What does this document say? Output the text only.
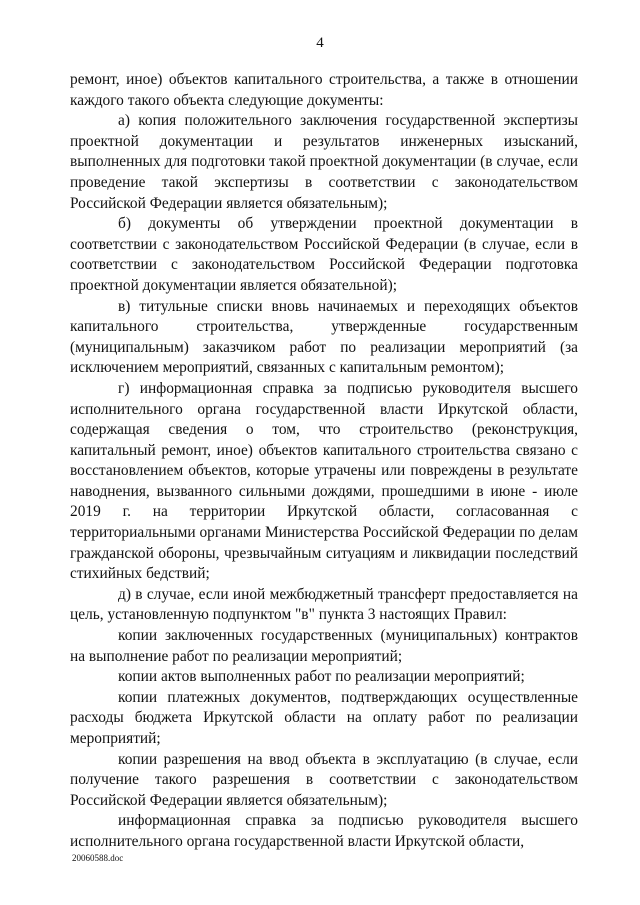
4

ремонт, иное) объектов капитального строительства, а также в отношении каждого такого объекта следующие документы:

а) копия положительного заключения государственной экспертизы проектной документации и результатов инженерных изысканий, выполненных для подготовки такой проектной документации (в случае, если проведение такой экспертизы в соответствии с законодательством Российской Федерации является обязательным);

б) документы об утверждении проектной документации в соответствии с законодательством Российской Федерации (в случае, если в соответствии с законодательством Российской Федерации подготовка проектной документации является обязательной);

в) титульные списки вновь начинаемых и переходящих объектов капитального строительства, утвержденные государственным (муниципальным) заказчиком работ по реализации мероприятий (за исключением мероприятий, связанных с капитальным ремонтом);

г) информационная справка за подписью руководителя высшего исполнительного органа государственной власти Иркутской области, содержащая сведения о том, что строительство (реконструкция, капитальный ремонт, иное) объектов капитального строительства связано с восстановлением объектов, которые утрачены или повреждены в результате наводнения, вызванного сильными дождями, прошедшими в июне - июле 2019 г. на территории Иркутской области, согласованная с территориальными органами Министерства Российской Федерации по делам гражданской обороны, чрезвычайным ситуациям и ликвидации последствий стихийных бедствий;

д) в случае, если иной межбюджетный трансферт предоставляется на цель, установленную подпунктом "в" пункта 3 настоящих Правил:

копии заключенных государственных (муниципальных) контрактов на выполнение работ по реализации мероприятий;

копии актов выполненных работ по реализации мероприятий;

копии платежных документов, подтверждающих осуществленные расходы бюджета Иркутской области на оплату работ по реализации мероприятий;

копии разрешения на ввод объекта в эксплуатацию (в случае, если получение такого разрешения в соответствии с законодательством Российской Федерации является обязательным);

информационная справка за подписью руководителя высшего исполнительного органа государственной власти Иркутской области,

20060588.doc
